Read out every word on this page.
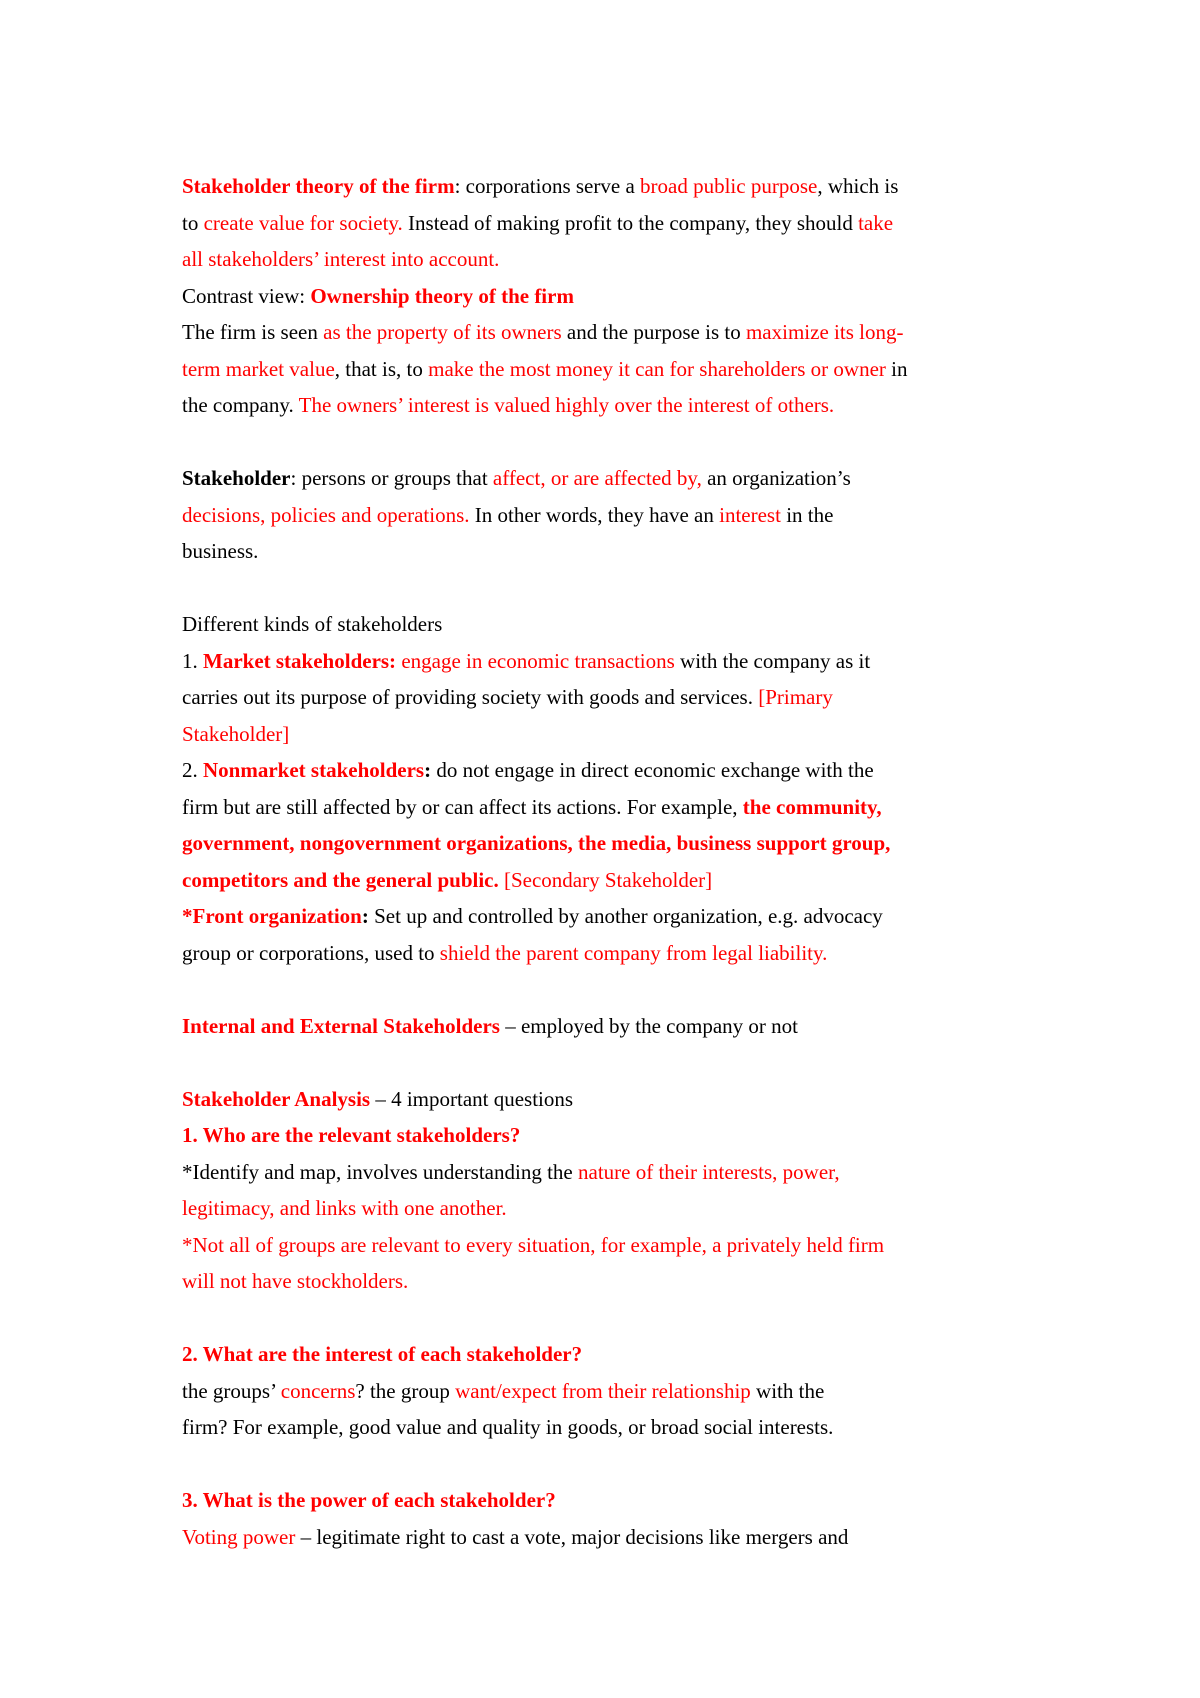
Stakeholder theory of the firm: corporations serve a broad public purpose, which is
to create value for society. Instead of making profit to the company, they should take
all stakeholders’ interest into account.
Contrast view: Ownership theory of the firm
The firm is seen as the property of its owners and the purpose is to maximize its long-
term market value, that is, to make the most money it can for shareholders or owner in
the company. The owners’ interest is valued highly over the interest of others.
Stakeholder: persons or groups that affect, or are affected by, an organization’s
decisions, policies and operations. In other words, they have an interest in the
business.
Different kinds of stakeholders
1. Market stakeholders: engage in economic transactions with the company as it
carries out its purpose of providing society with goods and services. [Primary
Stakeholder]
2. Nonmarket stakeholders: do not engage in direct economic exchange with the
firm but are still affected by or can affect its actions. For example, the community,
government, nongovernment organizations, the media, business support group,
competitors and the general public. [Secondary Stakeholder]
*Front organization: Set up and controlled by another organization, e.g. advocacy
group or corporations, used to shield the parent company from legal liability.
Internal and External Stakeholders – employed by the company or not
Stakeholder Analysis – 4 important questions
1. Who are the relevant stakeholders?
*Identify and map, involves understanding the nature of their interests, power,
legitimacy, and links with one another.
*Not all of groups are relevant to every situation, for example, a privately held firm
will not have stockholders.
2. What are the interest of each stakeholder?
the groups’ concerns? the group want/expect from their relationship with the
firm? For example, good value and quality in goods, or broad social interests.
3. What is the power of each stakeholder?
Voting power – legitimate right to cast a vote, major decisions like mergers and
